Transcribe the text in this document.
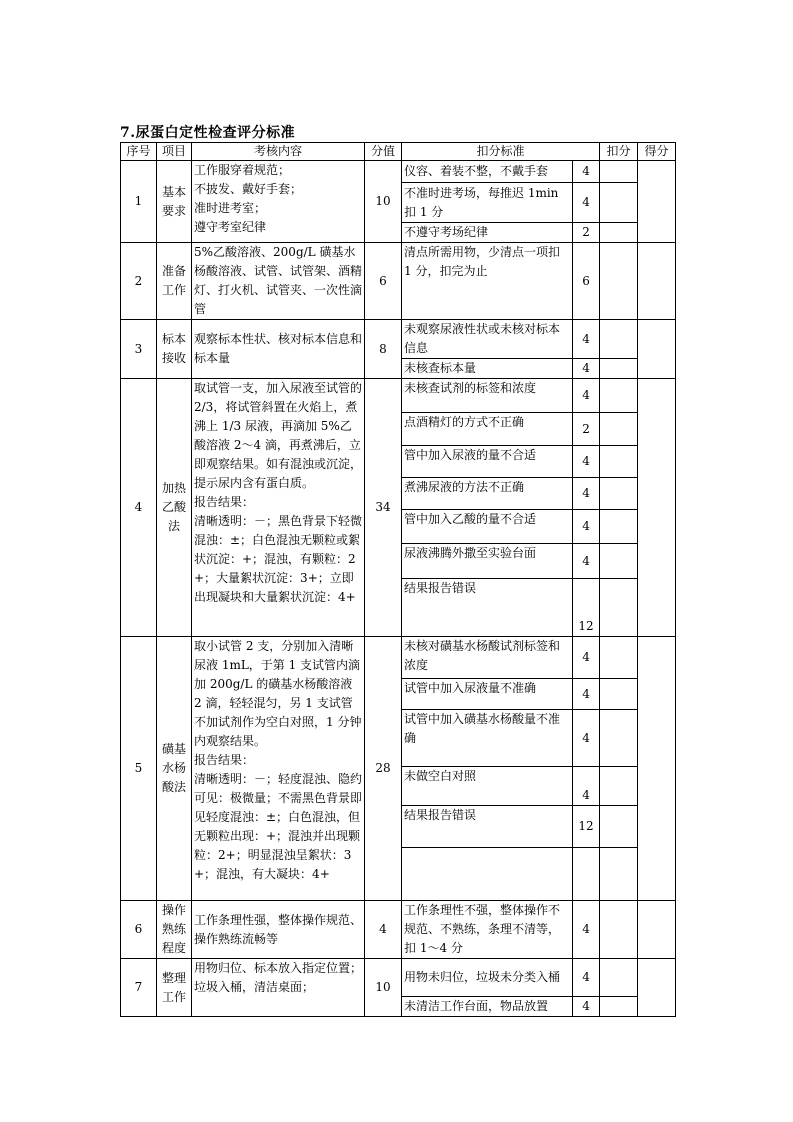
7.尿蛋白定性检查评分标准
序号	项目	考核内容	分值	扣分标准		扣分	得分
1	基本要求	工作服穿着规范；
不披发、戴好手套；
准时进考室；
遵守考室纪律	10	仪容、着装不整，不戴手套	4		
				不准时进考场，每推迟 1min 扣 1 分	4		
				不遵守考场纪律	2		
2	准备工作	5%乙酸溶液、200g/L 磺基水杨酸溶液、试管、试管架、酒精灯、打火机、试管夹、一次性滴管	6	清点所需用物，少清点一项扣 1 分，扣完为止	6		
3	标本接收	观察标本性状、核对标本信息和标本量	8	未观察尿液性状或未核对标本信息	4		
				未核查标本量	4		
4	加热乙酸法	取试管一支，加入尿液至试管的 2/3，将试管斜置在火焰上，煮沸上 1/3 尿液，再滴加 5%乙酸溶液 2～4 滴，再煮沸后，立即观察结果。如有混浊或沉淀，提示尿内含有蛋白质。
报告结果：
清晰透明：－；黑色背景下轻微混浊：±；白色混浊无颗粒或絮状沉淀：+；混浊，有颗粒：2+；大量絮状沉淀：3+；立即出现凝块和大量絮状沉淀：4+	34	未核查试剂的标签和浓度	4		
				点酒精灯的方式不正确	2		
				管中加入尿液的量不合适	4		
				煮沸尿液的方法不正确	4		
				管中加入乙酸的量不合适	4		
				尿液沸腾外撒至实验台面	4		
				结果报告错误	12		
5	磺基水杨酸法	取小试管 2 支，分别加入清晰尿液 1mL，于第 1 支试管内滴加 200g/L 的磺基水杨酸溶液 2 滴，轻轻混匀，另 1 支试管不加试剂作为空白对照，1 分钟内观察结果。
报告结果：
清晰透明：－；轻度混浊、隐约可见：极微量；不需黑色背景即见轻度混浊：±；白色混浊，但无颗粒出现：+；混浊并出现颗粒：2+；明显混浊呈絮状：3+；混浊，有大凝块：4+	28	未核对磺基水杨酸试剂标签和浓度	4		
				试管中加入尿液量不准确	4		
				试管中加入磺基水杨酸量不准确	4		
				未做空白对照	4		
				结果报告错误	12		

6	操作熟练程度	工作条理性强，整体操作规范、操作熟练流畅等	4	工作条理性不强，整体操作不规范、不熟练，条理不清等，扣 1～4 分	4		
7	整理工作	用物归位、标本放入指定位置；
垃圾入桶，清洁桌面；	10	用物未归位，垃圾未分类入桶	4		
				未清洁工作台面，物品放置	4		
